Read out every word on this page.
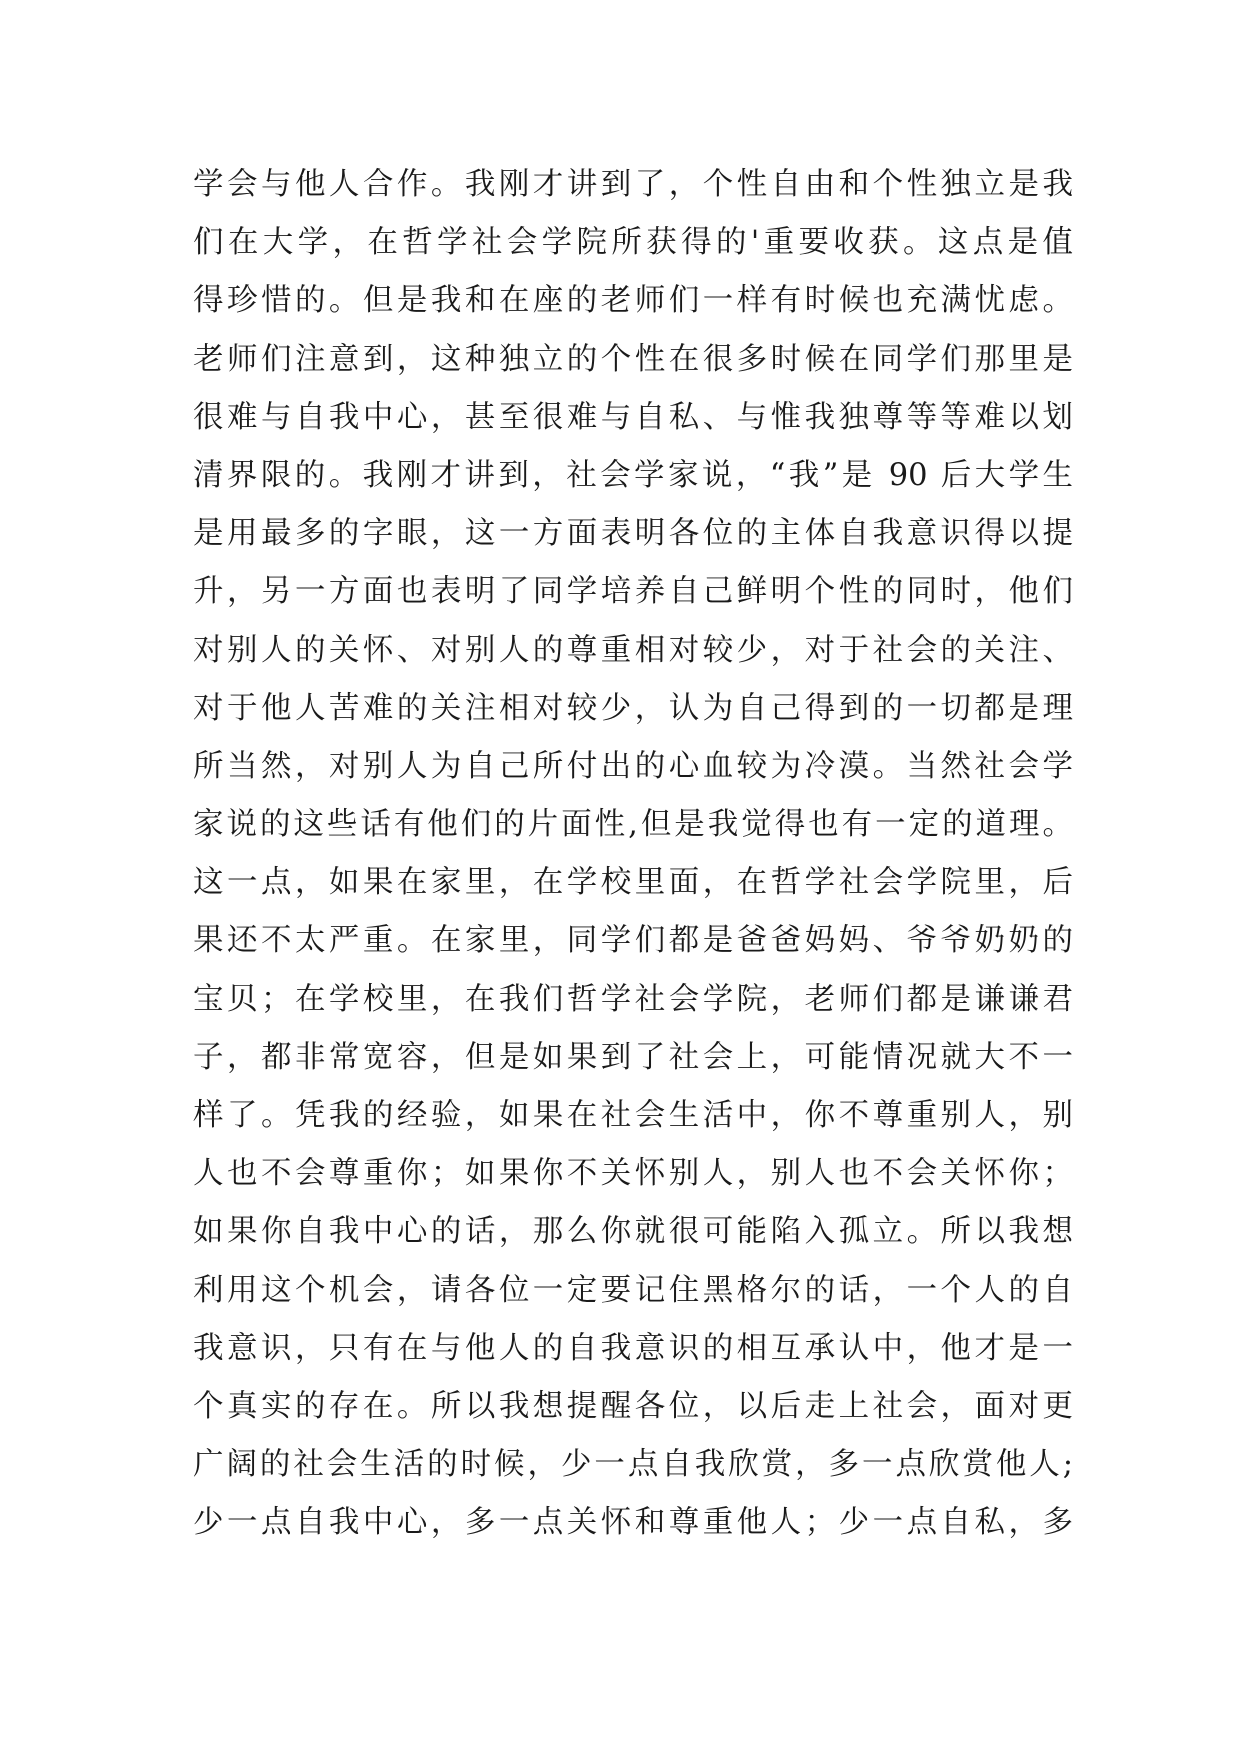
学会与他人合作。我刚才讲到了，个性自由和个性独立是我
们在大学，在哲学社会学院所获得的'重要收获。这点是值
得珍惜的。但是我和在座的老师们一样有时候也充满忧虑。
老师们注意到，这种独立的个性在很多时候在同学们那里是
很难与自我中心，甚至很难与自私、与惟我独尊等等难以划
清界限的。我刚才讲到，社会学家说，“我”是 90 后大学生
是用最多的字眼，这一方面表明各位的主体自我意识得以提
升，另一方面也表明了同学培养自己鲜明个性的同时，他们
对别人的关怀、对别人的尊重相对较少，对于社会的关注、
对于他人苦难的关注相对较少，认为自己得到的一切都是理
所当然，对别人为自己所付出的心血较为冷漠。当然社会学
家说的这些话有他们的片面性,但是我觉得也有一定的道理。
这一点，如果在家里，在学校里面，在哲学社会学院里，后
果还不太严重。在家里，同学们都是爸爸妈妈、爷爷奶奶的
宝贝；在学校里，在我们哲学社会学院，老师们都是谦谦君
子，都非常宽容，但是如果到了社会上，可能情况就大不一
样了。凭我的经验，如果在社会生活中，你不尊重别人，别
人也不会尊重你；如果你不关怀别人，别人也不会关怀你；
如果你自我中心的话，那么你就很可能陷入孤立。所以我想
利用这个机会，请各位一定要记住黑格尔的话，一个人的自
我意识，只有在与他人的自我意识的相互承认中，他才是一
个真实的存在。所以我想提醒各位，以后走上社会，面对更
广阔的社会生活的时候，少一点自我欣赏，多一点欣赏他人;
少一点自我中心，多一点关怀和尊重他人；少一点自私，多
